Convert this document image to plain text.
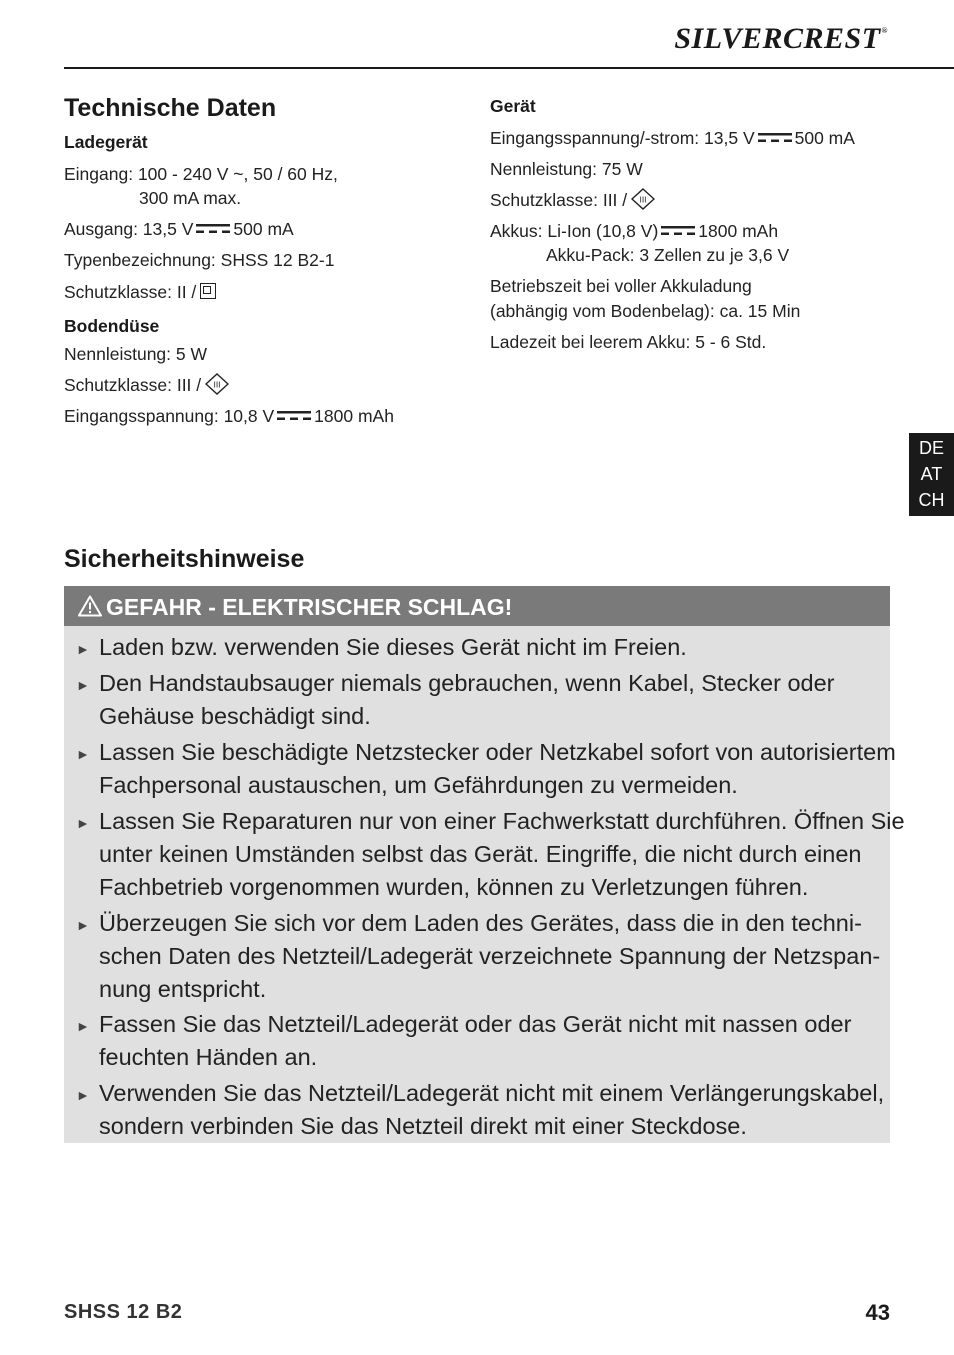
SILVERCREST®
Technische Daten
Ladegerät
Eingang: 100 - 240 V ~, 50 / 60 Hz,
300 mA max.
Ausgang: 13,5 V 500 mA
Typenbezeichnung: SHSS 12 B2-1
Schutzklasse: II /
Bodendüse
Nennleistung: 5 W
Schutzklasse: III / III
Eingangsspannung: 10,8 V 1800 mAh
Gerät
Eingangsspannung/-strom: 13,5 V 500 mA
Nennleistung: 75 W
Schutzklasse: III / III
Akkus: Li-Ion (10,8 V) 1800 mAh
Akku-Pack: 3 Zellen zu je 3,6 V
Betriebszeit bei voller Akkuladung
(abhängig vom Bodenbelag): ca. 15 Min
Ladezeit bei leerem Akku: 5 - 6 Std.
DE
AT
CH
Sicherheitshinweise
GEFAHR - ELEKTRISCHER SCHLAG!
► Laden bzw. verwenden Sie dieses Gerät nicht im Freien.
► Den Handstaubsauger niemals gebrauchen, wenn Kabel, Stecker oder
Gehäuse beschädigt sind.
► Lassen Sie beschädigte Netzstecker oder Netzkabel sofort von autorisiertem
Fachpersonal austauschen, um Gefährdungen zu vermeiden.
► Lassen Sie Reparaturen nur von einer Fachwerkstatt durchführen. Öffnen Sie
unter keinen Umständen selbst das Gerät. Eingriffe, die nicht durch einen
Fachbetrieb vorgenommen wurden, können zu Verletzungen führen.
► Überzeugen Sie sich vor dem Laden des Gerätes, dass die in den techni-
schen Daten des Netzteil/Ladegerät verzeichnete Spannung der Netzspan-
nung entspricht.
► Fassen Sie das Netzteil/Ladegerät oder das Gerät nicht mit nassen oder
feuchten Händen an.
► Verwenden Sie das Netzteil/Ladegerät nicht mit einem Verlängerungskabel,
sondern verbinden Sie das Netzteil direkt mit einer Steckdose.
SHSS 12 B2	43
